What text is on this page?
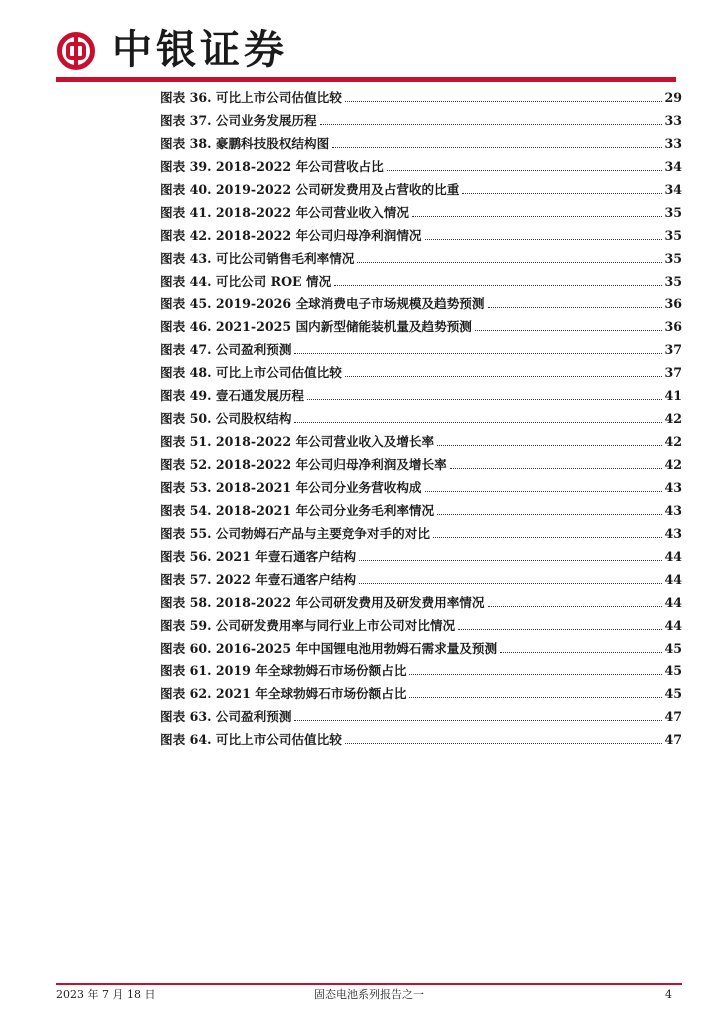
中银证券
图表 36. 可比上市公司估值比较	29
图表 37. 公司业务发展历程	33
图表 38. 豪鹏科技股权结构图	33
图表 39. 2018-2022 年公司营收占比	34
图表 40. 2019-2022 公司研发费用及占营收的比重	34
图表 41. 2018-2022 年公司营业收入情况	35
图表 42. 2018-2022 年公司归母净利润情况	35
图表 43. 可比公司销售毛利率情况	35
图表 44. 可比公司 ROE 情况	35
图表 45. 2019-2026 全球消费电子市场规模及趋势预测	36
图表 46. 2021-2025 国内新型储能装机量及趋势预测	36
图表 47. 公司盈利预测	37
图表 48. 可比上市公司估值比较	37
图表 49. 壹石通发展历程	41
图表 50. 公司股权结构	42
图表 51. 2018-2022 年公司营业收入及增长率	42
图表 52. 2018-2022 年公司归母净利润及增长率	42
图表 53. 2018-2021 年公司分业务营收构成	43
图表 54. 2018-2021 年公司分业务毛利率情况	43
图表 55. 公司勃姆石产品与主要竞争对手的对比	43
图表 56. 2021 年壹石通客户结构	44
图表 57. 2022 年壹石通客户结构	44
图表 58. 2018-2022 年公司研发费用及研发费用率情况	44
图表 59. 公司研发费用率与同行业上市公司对比情况	44
图表 60. 2016-2025 年中国锂电池用勃姆石需求量及预测	45
图表 61. 2019 年全球勃姆石市场份额占比	45
图表 62. 2021 年全球勃姆石市场份额占比	45
图表 63. 公司盈利预测	47
图表 64. 可比上市公司估值比较	47
2023 年 7 月 18 日	固态电池系列报告之一	4
